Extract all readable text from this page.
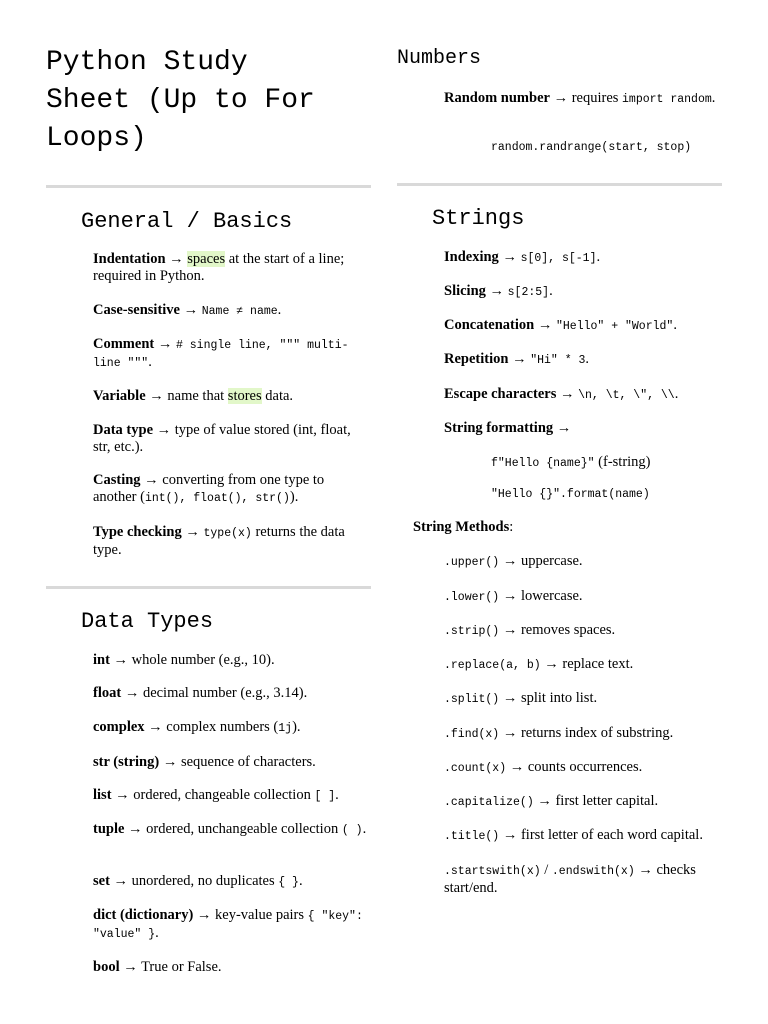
Python Study Sheet (Up to For Loops)
General / Basics
Indentation → spaces at the start of a line; required in Python.
Case-sensitive → Name ≠ name.
Comment → # single line, """ multi-line """.
Variable → name that stores data.
Data type → type of value stored (int, float, str, etc.).
Casting → converting from one type to another (int(), float(), str()).
Type checking → type(x) returns the data type.
Data Types
int → whole number (e.g., 10).
float → decimal number (e.g., 3.14).
complex → complex numbers (1j).
str (string) → sequence of characters.
list → ordered, changeable collection [ ].
tuple → ordered, unchangeable collection ( ).
set → unordered, no duplicates { }.
dict (dictionary) → key-value pairs { "key": "value" }.
bool → True or False.
Numbers
Random number → requires import random.
random.randrange(start, stop)
Strings
Indexing → s[0], s[-1].
Slicing → s[2:5].
Concatenation → "Hello" + "World".
Repetition → "Hi" * 3.
Escape characters → \n, \t, \", \\.
String formatting →
f"Hello {name}" (f-string)
"Hello {}".format(name)
String Methods:
.upper() → uppercase.
.lower() → lowercase.
.strip() → removes spaces.
.replace(a, b) → replace text.
.split() → split into list.
.find(x) → returns index of substring.
.count(x) → counts occurrences.
.capitalize() → first letter capital.
.title() → first letter of each word capital.
.startswith(x) / .endswith(x) → checks start/end.
